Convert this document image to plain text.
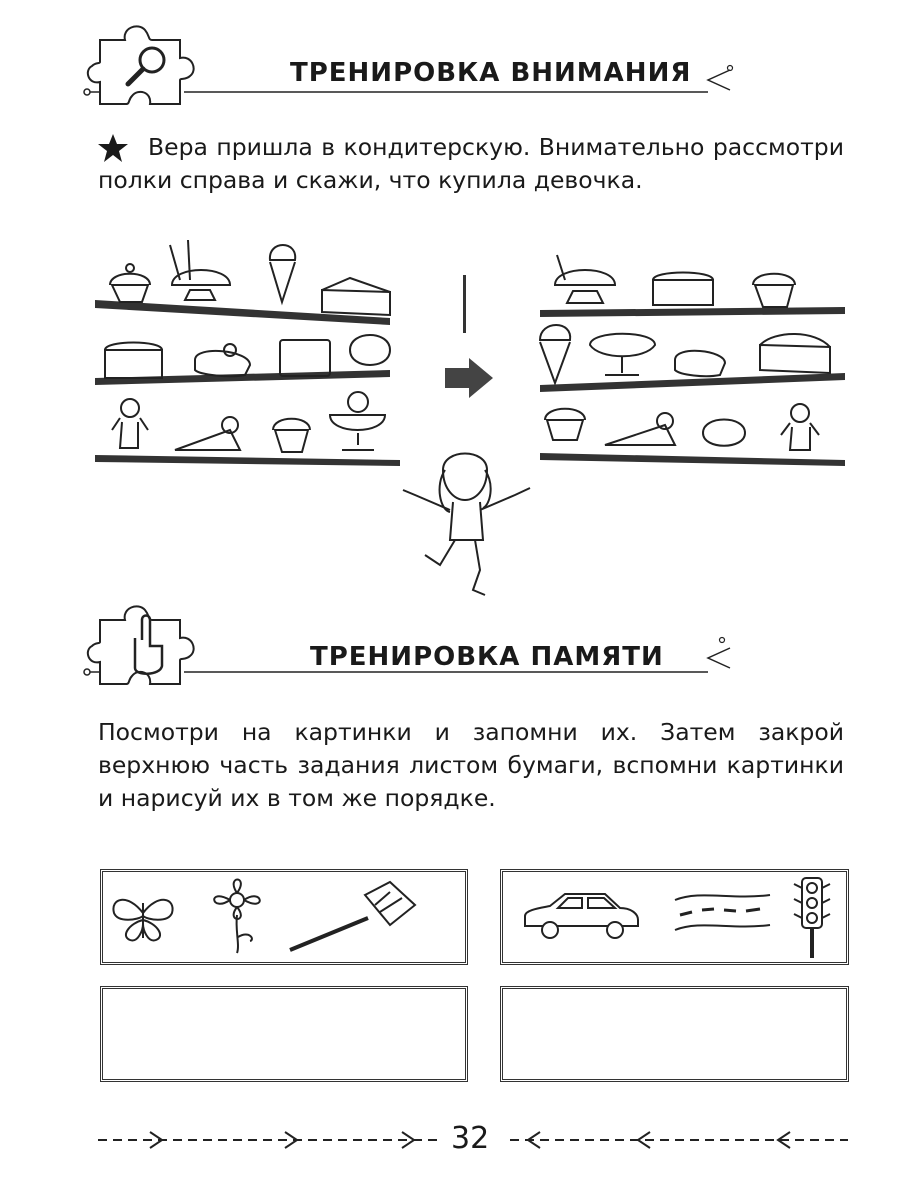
ТРЕНИРОВКА ВНИМАНИЯ

Вера пришла в кондитерскую. Внимательно рассмотри полки справа и скажи, что купила девочка.

ТРЕНИРОВКА ПАМЯТИ

Посмотри на картинки и запомни их. Затем закрой верхнюю часть задания листом бумаги, вспомни картинки и нарисуй их в том же порядке.

32
